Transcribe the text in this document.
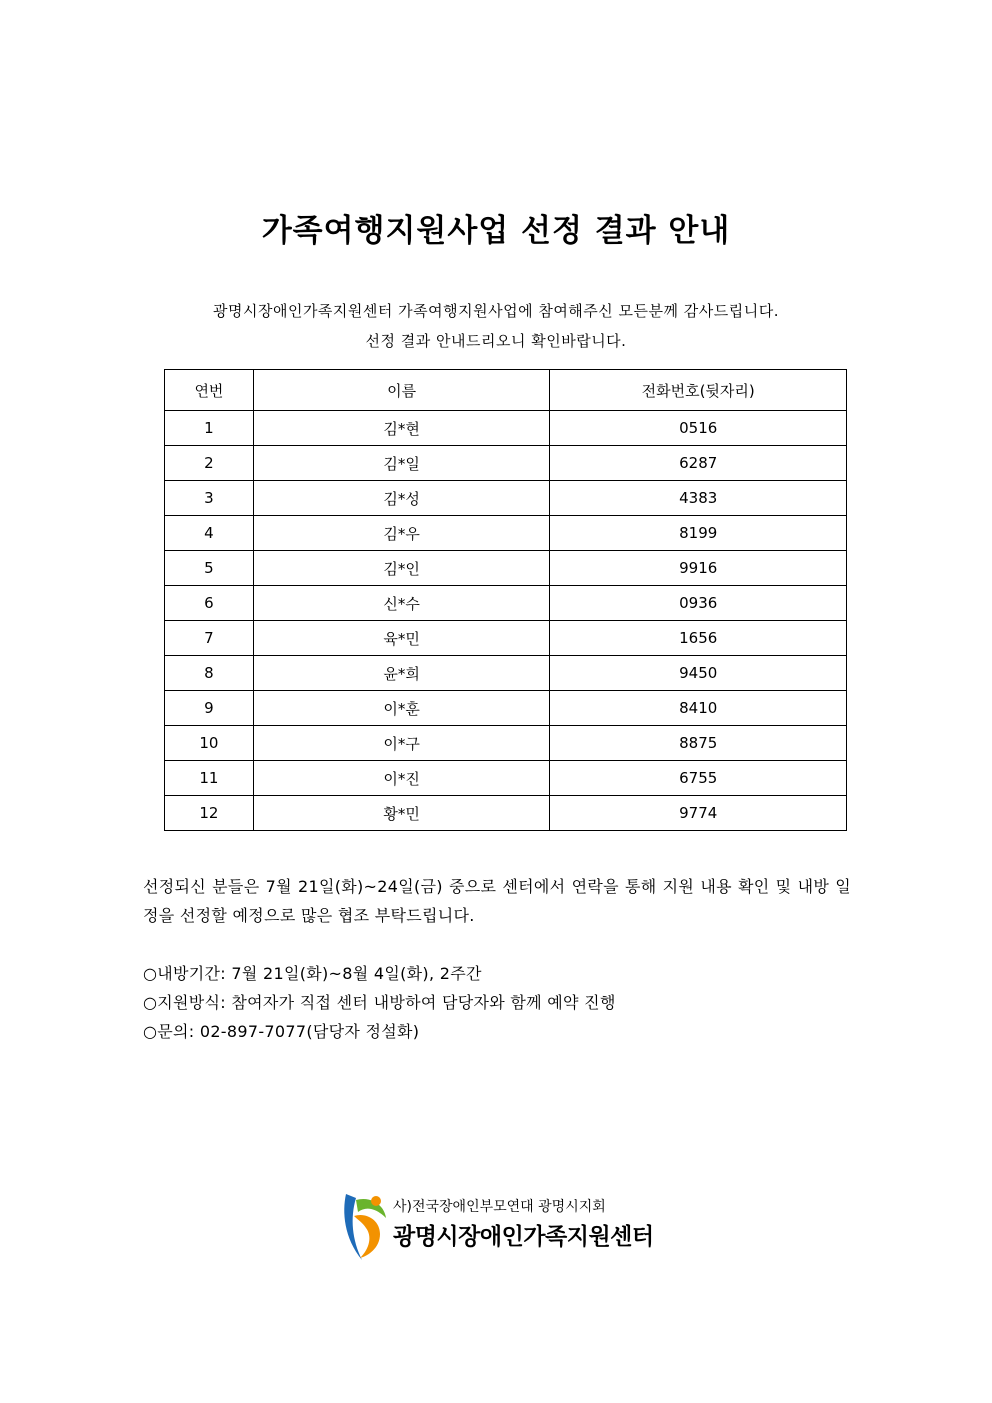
가족여행지원사업 선정 결과 안내
광명시장애인가족지원센터 가족여행지원사업에 참여해주신 모든분께 감사드립니다.
선정 결과 안내드리오니 확인바랍니다.
연번	이름	전화번호(뒷자리)
1	김*현	0516
2	김*일	6287
3	김*성	4383
4	김*우	8199
5	김*인	9916
6	신*수	0936
7	육*민	1656
8	윤*희	9450
9	이*훈	8410
10	이*구	8875
11	이*진	6755
12	황*민	9774
선정되신 분들은 7월 21일(화)~24일(금) 중으로 센터에서 연락을 통해 지원 내용 확인 및 내방 일정을 선정할 예정으로 많은 협조 부탁드립니다.
○내방기간: 7월 21일(화)~8월 4일(화), 2주간
○지원방식: 참여자가 직접 센터 내방하여 담당자와 함께 예약 진행
○문의: 02-897-7077(담당자 정설화)
사)전국장애인부모연대 광명시지회
광명시장애인가족지원센터
